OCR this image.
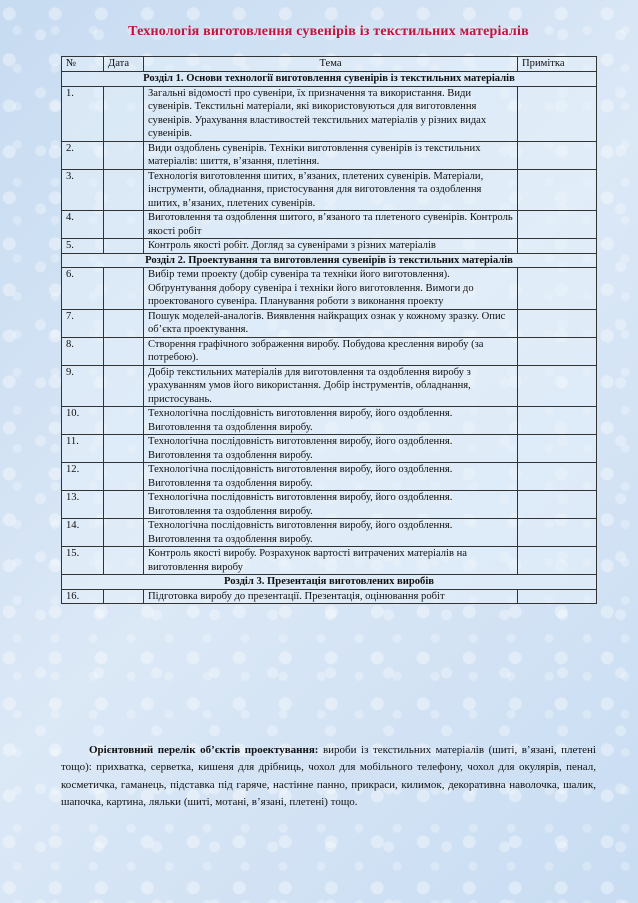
Технологія виготовлення сувенірів із текстильних матеріалів
№	Дата	Тема	Примітка
Розділ 1. Основи технології виготовлення сувенірів із текстильних матеріалів			
1.		Загальні відомості про сувеніри, їх призначення та використання. Види сувенірів. Текстильні матеріали, які використовуються для виготовлення сувенірів. Урахування властивостей текстильних матеріалів у різних видах сувенірів.	
2.		Види оздоблень сувенірів. Техніки виготовлення сувенірів із текстильних матеріалів: шиття, в’язання, плетіння.	
3.		Технологія виготовлення шитих, в’язаних, плетених сувенірів. Матеріали, інструменти, обладнання, пристосування для виготовлення та оздоблення шитих, в’язаних, плетених сувенірів.	
4.		Виготовлення та оздоблення шитого, в’язаного та плетеного сувенірів. Контроль якості робіт	
5.		Контроль якості робіт. Догляд за сувенірами з різних матеріалів	
Розділ 2. Проектування та виготовлення сувенірів із текстильних матеріалів			
6.		Вибір теми проекту (добір сувеніра та техніки його виготовлення). Обґрунтування добору сувеніра і техніки його виготовлення. Вимоги до проектованого сувеніра. Планування роботи з виконання проекту	
7.		Пошук моделей-аналогів. Виявлення найкращих ознак у кожному зразку. Опис об’єкта проектування.	
8.		Створення графічного зображення виробу. Побудова креслення виробу (за потребою).	
9.		Добір текстильних матеріалів для виготовлення та оздоблення виробу з урахуванням умов його використання. Добір інструментів, обладнання, пристосувань.	
10.		Технологічна послідовність виготовлення виробу, його оздоблення. Виготовлення та оздоблення виробу.	
11.		Технологічна послідовність виготовлення виробу, його оздоблення. Виготовлення та оздоблення виробу.	
12.		Технологічна послідовність виготовлення виробу, його оздоблення. Виготовлення та оздоблення виробу.	
13.		Технологічна послідовність виготовлення виробу, його оздоблення. Виготовлення та оздоблення виробу.	
14.		Технологічна послідовність виготовлення виробу, його оздоблення. Виготовлення та оздоблення виробу.	
15.		Контроль якості виробу. Розрахунок вартості витрачених матеріалів на виготовлення виробу	
Розділ 3. Презентація виготовлених виробів			
16.		Підготовка виробу до презентації. Презентація, оцінювання робіт	
Орієнтовний перелік об’єктів проектування: вироби із текстильних матеріалів (шиті, в’язані, плетені тощо): прихватка, серветка, кишеня для дрібниць, чохол для мобільного телефону, чохол для окулярів, пенал, косметичка, гаманець, підставка під гаряче, настінне панно, прикраси, килимок, декоративна наволочка, шалик, шапочка, картина, ляльки (шиті, мотані, в’язані, плетені) тощо.
